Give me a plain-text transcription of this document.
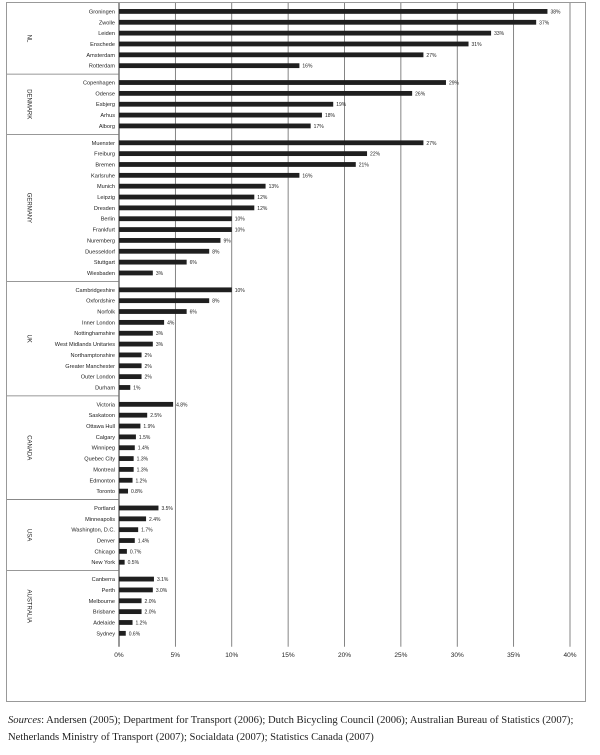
0%	5%	10%	15%	20%	25%	30%	35%	40%
NL
DENMARK
GERMANY
UK
CANADA
USA
AUSTRALIA
Groningen	38%
Zwolle	37%
Leiden	33%
Enschede	31%
Amsterdam	27%
Rotterdam	16%
Copenhagen	29%
Odense	26%
Esbjerg	19%
Arhus	18%
Alborg	17%
Muenster	27%
Freiburg	22%
Bremen	21%
Karlsruhe	16%
Munich	13%
Leipzig	12%
Dresden	12%
Berlin	10%
Frankfurt	10%
Nuremberg	9%
Duesseldorf	8%
Stuttgart	6%
Wiesbaden	3%
Cambridgeshire	10%
Oxfordshire	8%
Norfolk	6%
Inner London	4%
Nottinghamshire	3%
West Midlands Unitaries	3%
Northamptonshire	2%
Greater Manchester	2%
Outer London	2%
Durham	1%
Victoria	4.8%
Saskatoon	2.5%
Ottawa Hull	1.9%
Calgary	1.5%
Winnipeg	1.4%
Quebec City	1.3%
Montreal	1.3%
Edmonton	1.2%
Toronto	0.8%
Portland	3.5%
Minneapolis	2.4%
Washington, D.C.	1.7%
Denver	1.4%
Chicago	0.7%
New York	0.5%
Canberra	3.1%
Perth	3.0%
Melbourne	2.0%
Brisbane	2.0%
Adelaide	1.2%
Sydney	0.6%
Sources: Andersen (2005); Department for Transport (2006); Dutch Bicycling Council (2006); Australian Bureau of Statistics (2007); Netherlands Ministry of Transport (2007); Socialdata (2007); Statistics Canada (2007)
